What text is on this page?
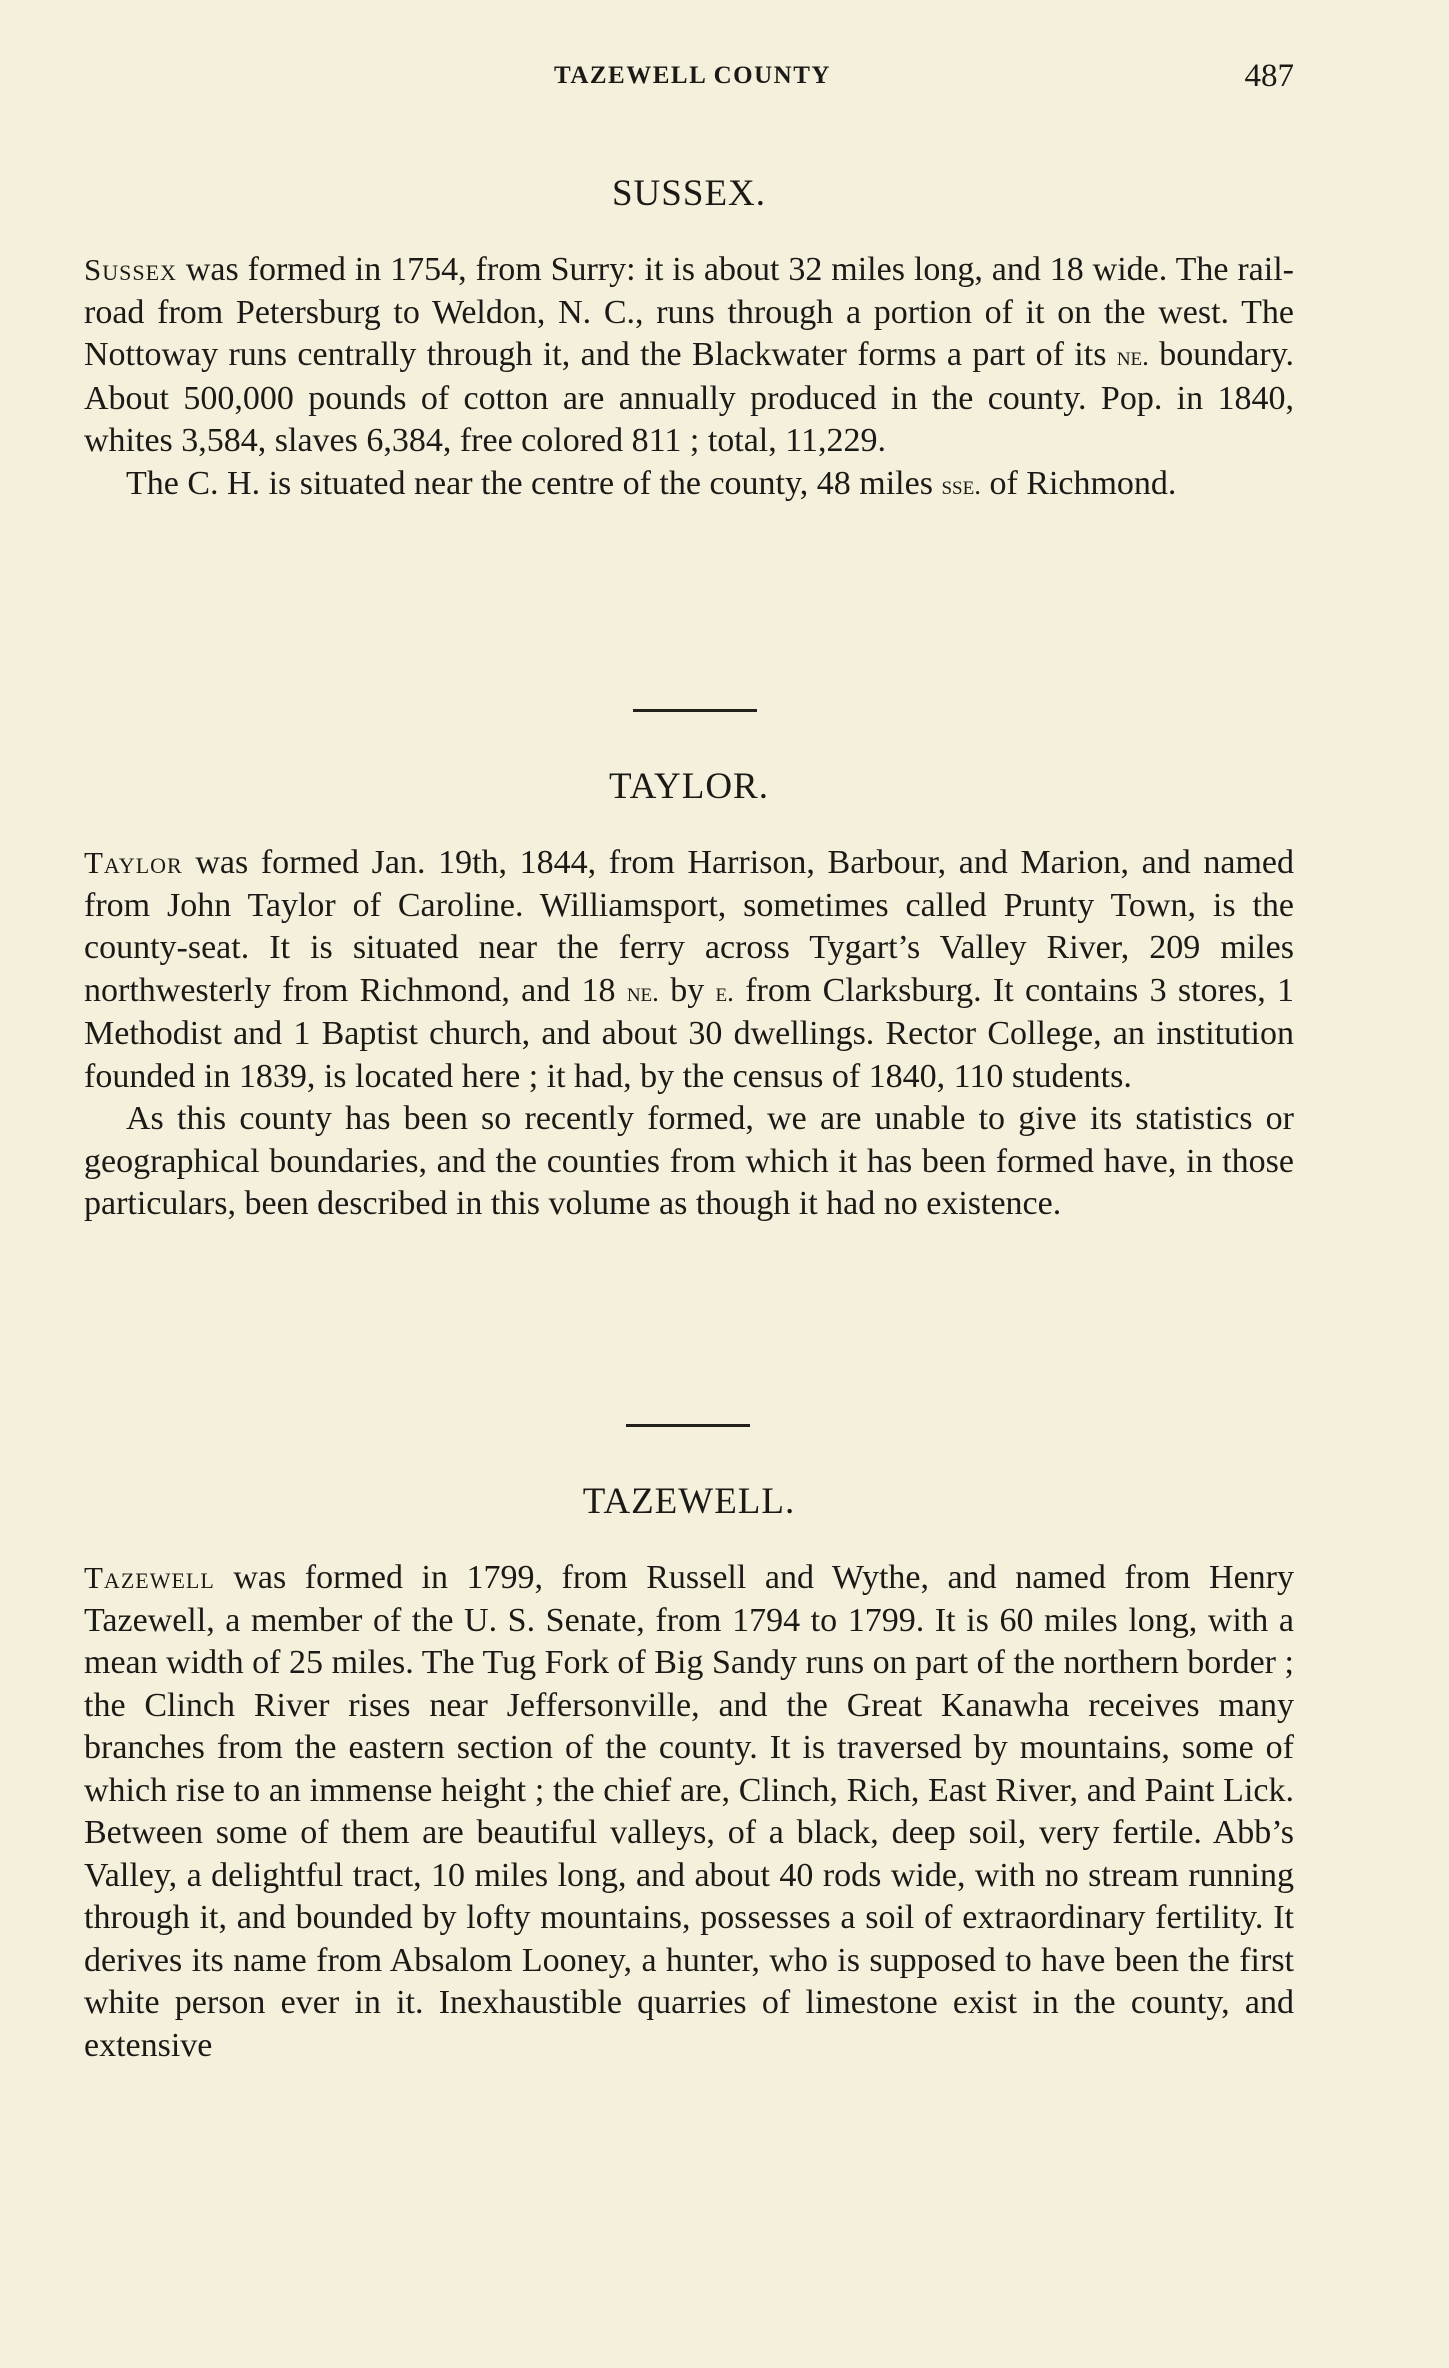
TAZEWELL COUNTY	487
SUSSEX.

Sussex was formed in 1754, from Surry: it is about 32 miles long, and 18 wide. The rail-road from Petersburg to Weldon, N. C., runs through a portion of it on the west. The Nottoway runs centrally through it, and the Blackwater forms a part of its ne. boundary. About 500,000 pounds of cotton are annually produced in the county. Pop. in 1840, whites 3,584, slaves 6,384, free colored 811 ; total, 11,229.

The C. H. is situated near the centre of the county, 48 miles sse. of Richmond.

TAYLOR.

Taylor was formed Jan. 19th, 1844, from Harrison, Barbour, and Marion, and named from John Taylor of Caroline. Williamsport, sometimes called Prunty Town, is the county-seat. It is situated near the ferry across Tygart’s Valley River, 209 miles northwesterly from Richmond, and 18 ne. by e. from Clarksburg. It contains 3 stores, 1 Methodist and 1 Baptist church, and about 30 dwellings. Rector College, an institution founded in 1839, is located here ; it had, by the census of 1840, 110 students.

As this county has been so recently formed, we are unable to give its statistics or geographical boundaries, and the counties from which it has been formed have, in those particulars, been described in this volume as though it had no existence.

TAZEWELL.

Tazewell was formed in 1799, from Russell and Wythe, and named from Henry Tazewell, a member of the U. S. Senate, from 1794 to 1799. It is 60 miles long, with a mean width of 25 miles. The Tug Fork of Big Sandy runs on part of the northern border ; the Clinch River rises near Jeffersonville, and the Great Kanawha receives many branches from the eastern section of the county. It is traversed by mountains, some of which rise to an immense height ; the chief are, Clinch, Rich, East River, and Paint Lick. Between some of them are beautiful valleys, of a black, deep soil, very fertile. Abb’s Valley, a delightful tract, 10 miles long, and about 40 rods wide, with no stream running through it, and bounded by lofty mountains, possesses a soil of extraordinary fertility. It derives its name from Absalom Looney, a hunter, who is supposed to have been the first white person ever in it. Inexhaustible quarries of limestone exist in the county, and extensive
